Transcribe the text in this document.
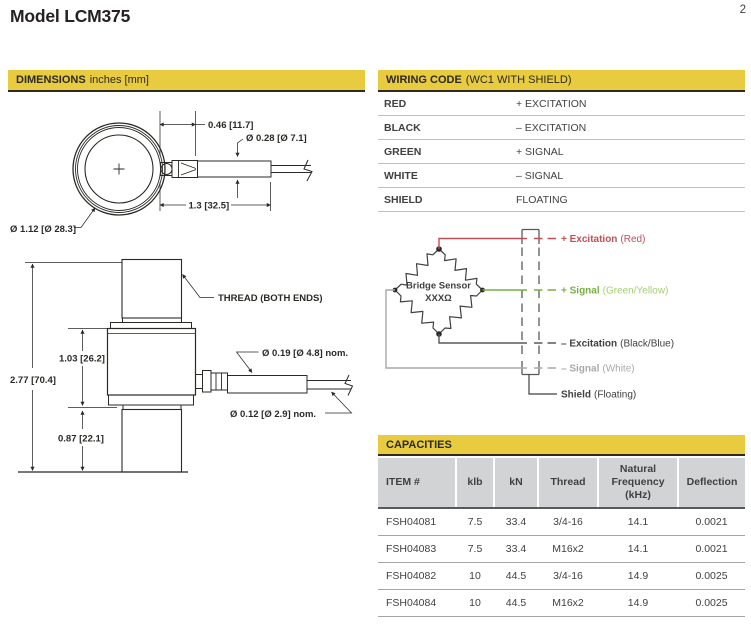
Model LCM375	2
DIMENSIONS inches [mm]	WIRING CODE (WC1 WITH SHIELD)
RED	+ EXCITATION
BLACK	– EXCITATION
GREEN	+ SIGNAL
WHITE	– SIGNAL
SHIELD	FLOATING
0.46 [11.7]
Ø 0.28 [Ø 7.1]
1.3 [32.5]
Ø 1.12 [Ø 28.3]
2.77 [70.4]
1.03 [26.2]
0.87 [22.1]
THREAD (BOTH ENDS)
Ø 0.19 [Ø 4.8] nom.
Ø 0.12 [Ø 2.9] nom.
Bridge Sensor
XXXΩ
+ Excitation (Red)
+ Signal (Green/Yellow)
– Excitation (Black/Blue)
– Signal (White)
Shield (Floating)
CAPACITIES
ITEM #	klb	kN	Thread	Natural Frequency (kHz)	Deflection
FSH04081	7.5	33.4	3/4-16	14.1	0.0021
FSH04083	7.5	33.4	M16x2	14.1	0.0021
FSH04082	10	44.5	3/4-16	14.9	0.0025
FSH04084	10	44.5	M16x2	14.9	0.0025
